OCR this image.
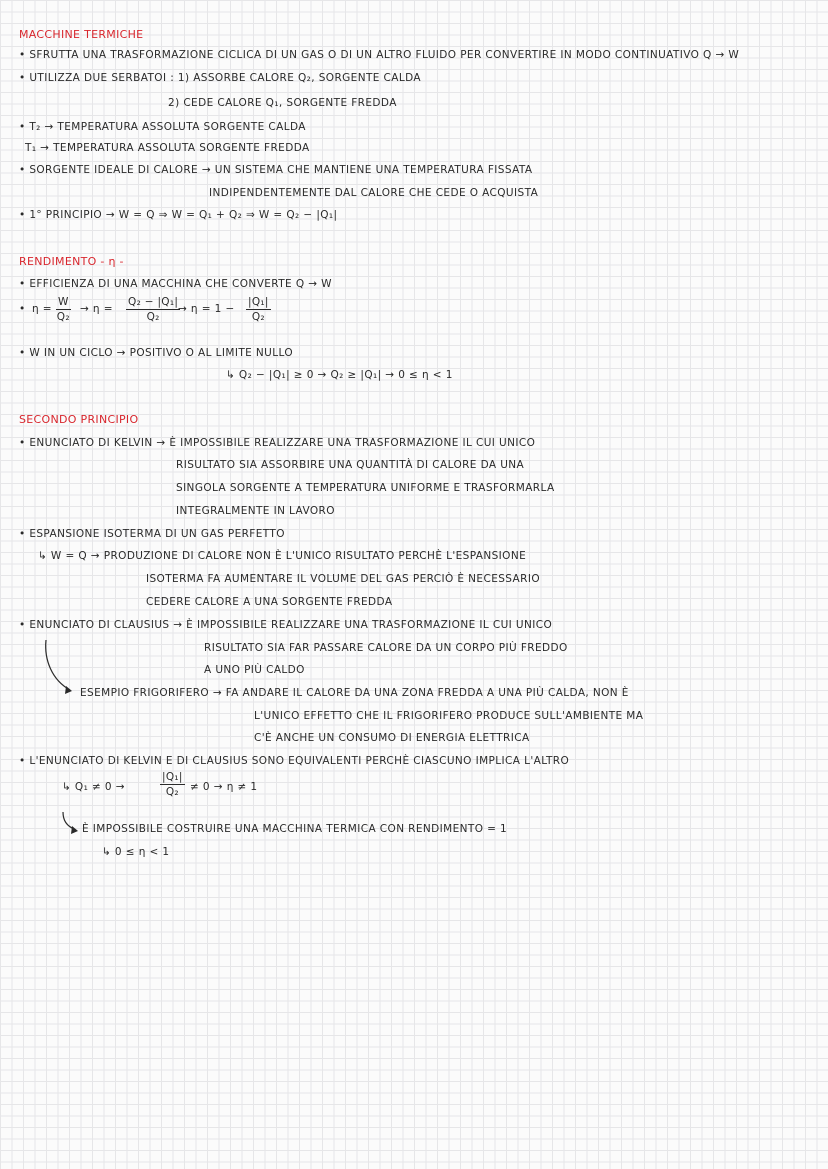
MACCHINE TERMICHE
• SFRUTTA UNA TRASFORMAZIONE CICLICA DI UN GAS O DI UN ALTRO FLUIDO PER CONVERTIRE IN MODO CONTINUATIVO Q → W
• UTILIZZA DUE SERBATOI : 1) ASSORBE CALORE Q₂, SORGENTE CALDA
2) CEDE CALORE Q₁, SORGENTE FREDDA
• T₂ → TEMPERATURA ASSOLUTA SORGENTE CALDA
T₁ → TEMPERATURA ASSOLUTA SORGENTE FREDDA
• SORGENTE IDEALE DI CALORE → UN SISTEMA CHE MANTIENE UNA TEMPERATURA FISSATA
INDIPENDENTEMENTE DAL CALORE CHE CEDE O ACQUISTA
• 1° PRINCIPIO → W = Q ⇒ W = Q₁ + Q₂ ⇒ W = Q₂ − |Q₁|
RENDIMENTO - η -
• EFFICIENZA DI UNA MACCHINA CHE CONVERTE Q → W
• $\eta = \frac{W}{\text{Q₂}} \to \eta = \frac{\text{Q₂ − |Q₁|}}{\text{Q₂}}$
→ $\eta = 1 - \frac{\text{|Q₁|}}{\text{Q₂}}$
• W IN UN CICLO → POSITIVO O AL LIMITE NULLO
↳ Q₂ − |Q₁| ≥ 0 → Q₂ ≥ |Q₁| → 0 ≤ η < 1
SECONDO PRINCIPIO
• ENUNCIATO DI KELVIN → È IMPOSSIBILE REALIZZARE UNA TRASFORMAZIONE IL CUI UNICO
RISULTATO SIA ASSORBIRE UNA QUANTITÀ DI CALORE DA UNA
SINGOLA SORGENTE A TEMPERATURA UNIFORME E TRASFORMARLA
INTEGRALMENTE IN LAVORO
• ESPANSIONE ISOTERMA DI UN GAS PERFETTO
↳ W = Q → PRODUZIONE DI CALORE NON È L'UNICO RISULTATO PERCHÈ L'ESPANSIONE
ISOTERMA FA AUMENTARE IL VOLUME DEL GAS PERCIÒ È NECESSARIO
CEDERE CALORE A UNA SORGENTE FREDDA
• ENUNCIATO DI CLAUSIUS → È IMPOSSIBILE REALIZZARE UNA TRASFORMAZIONE IL CUI UNICO
RISULTATO SIA FAR PASSARE CALORE DA UN CORPO PIÙ FREDDO
A UNO PIÙ CALDO
ESEMPIO FRIGORIFERO → FA ANDARE IL CALORE DA UNA ZONA FREDDA A UNA PIÙ CALDA, NON È
L'UNICO EFFETTO CHE IL FRIGORIFERO PRODUCE SULL'AMBIENTE MA
C'È ANCHE UN CONSUMO DI ENERGIA ELETTRICA
• L'ENUNCIATO DI KELVIN E DI CLAUSIUS SONO EQUIVALENTI PERCHÈ CIASCUNO IMPLICA L'ALTRO
↳ Q₁ ≠ 0 →	$\frac{\text{|Q₁|}}{\text{Q₂}} \ne 0 \to \eta \ne 1$
È IMPOSSIBILE COSTRUIRE UNA MACCHINA TERMICA CON RENDIMENTO = 1
↳ 0 ≤ η < 1
